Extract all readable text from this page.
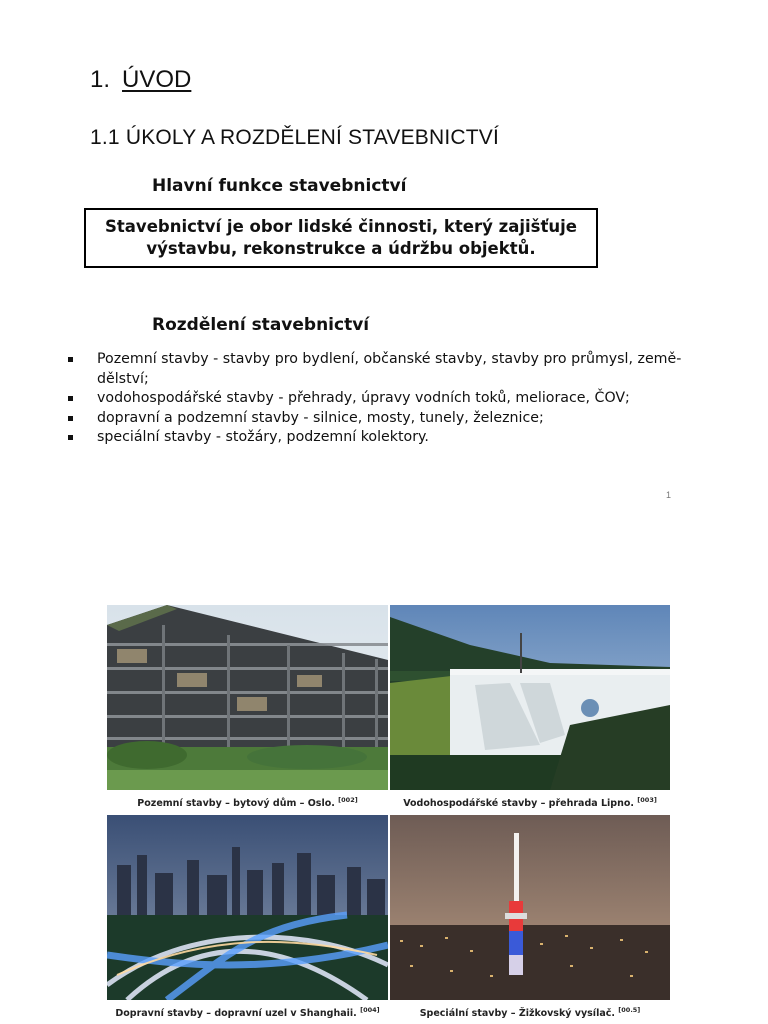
1. ÚVOD
1.1 ÚKOLY A ROZDĚLENÍ STAVEBNICTVÍ
Hlavní funkce stavebnictví
Stavebnictví je obor lidské činnosti, který zajišťuje
výstavbu, rekonstrukce a údržbu objektů.
Rozdělení stavebnictví
Pozemní stavby - stavby pro bydlení, občanské stavby, stavby pro průmysl, země-dělství;
vodohospodářské stavby - přehrady, úpravy vodních toků, meliorace, ČOV;
dopravní a podzemní stavby - silnice, mosty, tunely, železnice;
speciální stavby - stožáry, podzemní kolektory.
1
Pozemní stavby – bytový dům – Oslo. [002]	Vodohospodářské stavby – přehrada Lipno. [003]
Dopravní stavby – dopravní uzel v Shanghaii. [004]	Speciální stavby – Žižkovský vysílač. [00.5]
